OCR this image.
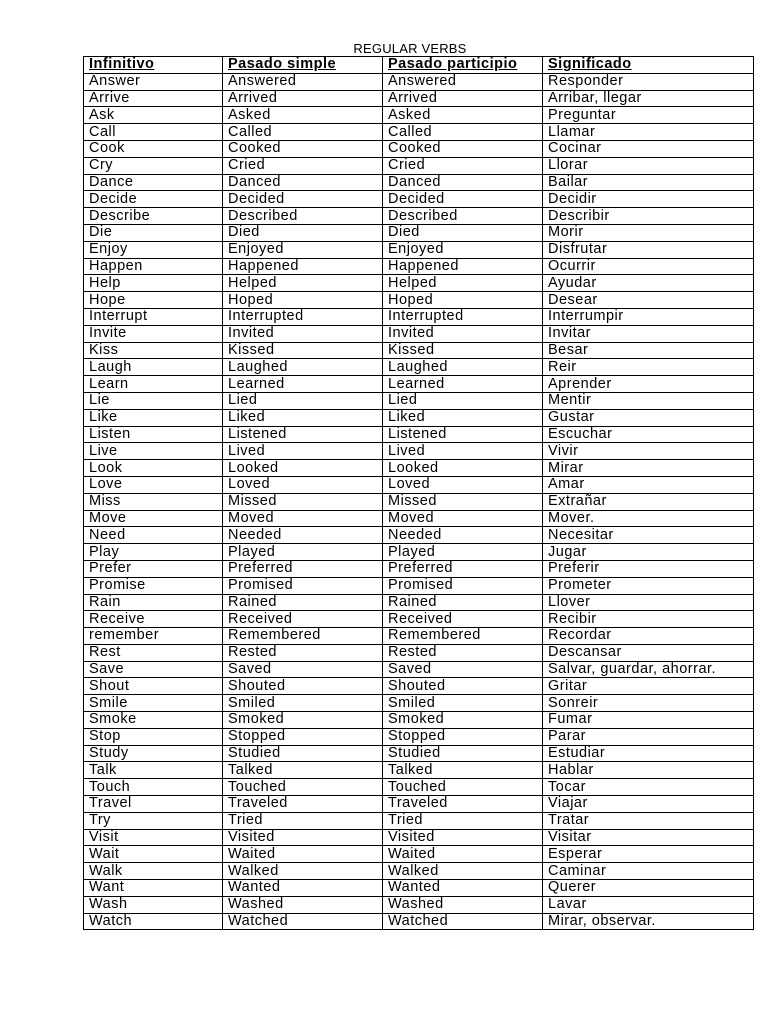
REGULAR VERBS
Infinitivo	Pasado simple	Pasado participio	Significado
Answer	Answered	Answered	Responder
Arrive	Arrived	Arrived	Arribar, llegar
Ask	Asked	Asked	Preguntar
Call	Called	Called	Llamar
Cook	Cooked	Cooked	Cocinar
Cry	Cried	Cried	Llorar
Dance	Danced	Danced	Bailar
Decide	Decided	Decided	Decidir
Describe	Described	Described	Describir
Die	Died	Died	Morir
Enjoy	Enjoyed	Enjoyed	Disfrutar
Happen	Happened	Happened	Ocurrir
Help	Helped	Helped	Ayudar
Hope	Hoped	Hoped	Desear
Interrupt	Interrupted	Interrupted	Interrumpir
Invite	Invited	Invited	Invitar
Kiss	Kissed	Kissed	Besar
Laugh	Laughed	Laughed	Reir
Learn	Learned	Learned	Aprender
Lie	Lied	Lied	Mentir
Like	Liked	Liked	Gustar
Listen	Listened	Listened	Escuchar
Live	Lived	Lived	Vivir
Look	Looked	Looked	Mirar
Love	Loved	Loved	Amar
Miss	Missed	Missed	Extrañar
Move	Moved	Moved	Mover.
Need	Needed	Needed	Necesitar
Play	Played	Played	Jugar
Prefer	Preferred	Preferred	Preferir
Promise	Promised	Promised	Prometer
Rain	Rained	Rained	Llover
Receive	Received	Received	Recibir
remember	Remembered	Remembered	Recordar
Rest	Rested	Rested	Descansar
Save	Saved	Saved	Salvar, guardar, ahorrar.
Shout	Shouted	Shouted	Gritar
Smile	Smiled	Smiled	Sonreir
Smoke	Smoked	Smoked	Fumar
Stop	Stopped	Stopped	Parar
Study	Studied	Studied	Estudiar
Talk	Talked	Talked	Hablar
Touch	Touched	Touched	Tocar
Travel	Traveled	Traveled	Viajar
Try	Tried	Tried	Tratar
Visit	Visited	Visited	Visitar
Wait	Waited	Waited	Esperar
Walk	Walked	Walked	Caminar
Want	Wanted	Wanted	Querer
Wash	Washed	Washed	Lavar
Watch	Watched	Watched	Mirar, observar.
